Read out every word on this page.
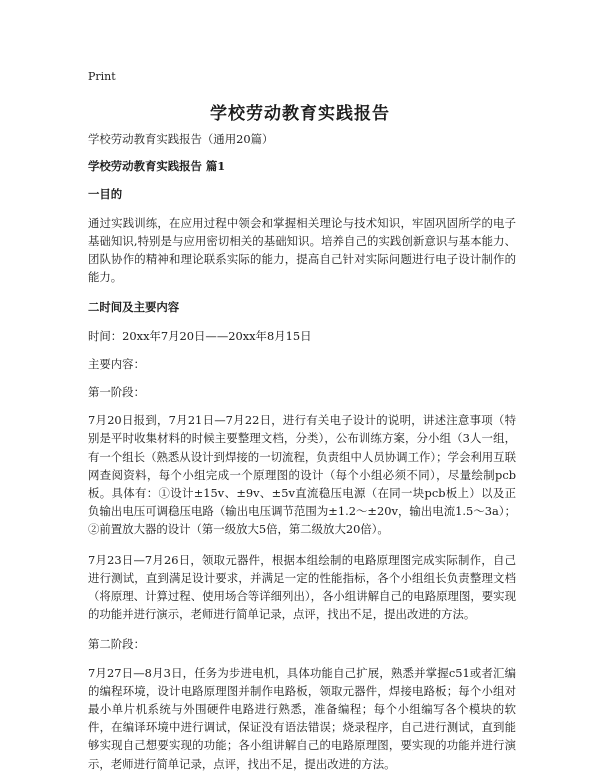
Print
学校劳动教育实践报告

学校劳动教育实践报告（通用20篇）

学校劳动教育实践报告 篇1

一目的

通过实践训练，在应用过程中领会和掌握相关理论与技术知识，牢固巩固所学的电子基础知识,特别是与应用密切相关的基础知识。培养自己的实践创新意识与基本能力、团队协作的精神和理论联系实际的能力，提高自己针对实际问题进行电子设计制作的能力。

二时间及主要内容

时间：20xx年7月20日——20xx年8月15日

主要内容：

第一阶段：

7月20日报到，7月21日—7月22日，进行有关电子设计的说明，讲述注意事项（特别是平时收集材料的时候主要整理文档，分类），公布训练方案，分小组（3人一组，有一个组长（熟悉从设计到焊接的一切流程，负责组中人员协调工作）；学会利用互联网查阅资料，每个小组完成一个原理图的设计（每个小组必须不同），尽量绘制pcb板。具体有：①设计±15v、±9v、±5v直流稳压电源（在同一块pcb板上）以及正负输出电压可调稳压电路（输出电压调节范围为±1.2～±20v，输出电流1.5～3a）；②前置放大器的设计（第一级放大5倍，第二级放大20倍）。

7月23日—7月26日，领取元器件，根据本组绘制的电路原理图完成实际制作，自己进行测试，直到满足设计要求，并满足一定的性能指标，各个小组组长负责整理文档（将原理、计算过程、使用场合等详细列出），各小组讲解自己的电路原理图，要实现的功能并进行演示，老师进行简单记录，点评，找出不足，提出改进的方法。

第二阶段：

7月27日—8月3日，任务为步进电机，具体功能自己扩展，熟悉并掌握c51或者汇编的编程环境，设计电路原理图并制作电路板，领取元器件，焊接电路板；每个小组对最小单片机系统与外围硬件电路进行熟悉，准备编程；每个小组编写各个模块的软件，在编译环境中进行调试，保证没有语法错误；烧录程序，自己进行测试，直到能够实现自己想要实现的功能；各小组讲解自己的电路原理图，要实现的功能并进行演示，老师进行简单记录，点评，找出不足，提出改进的方法。
